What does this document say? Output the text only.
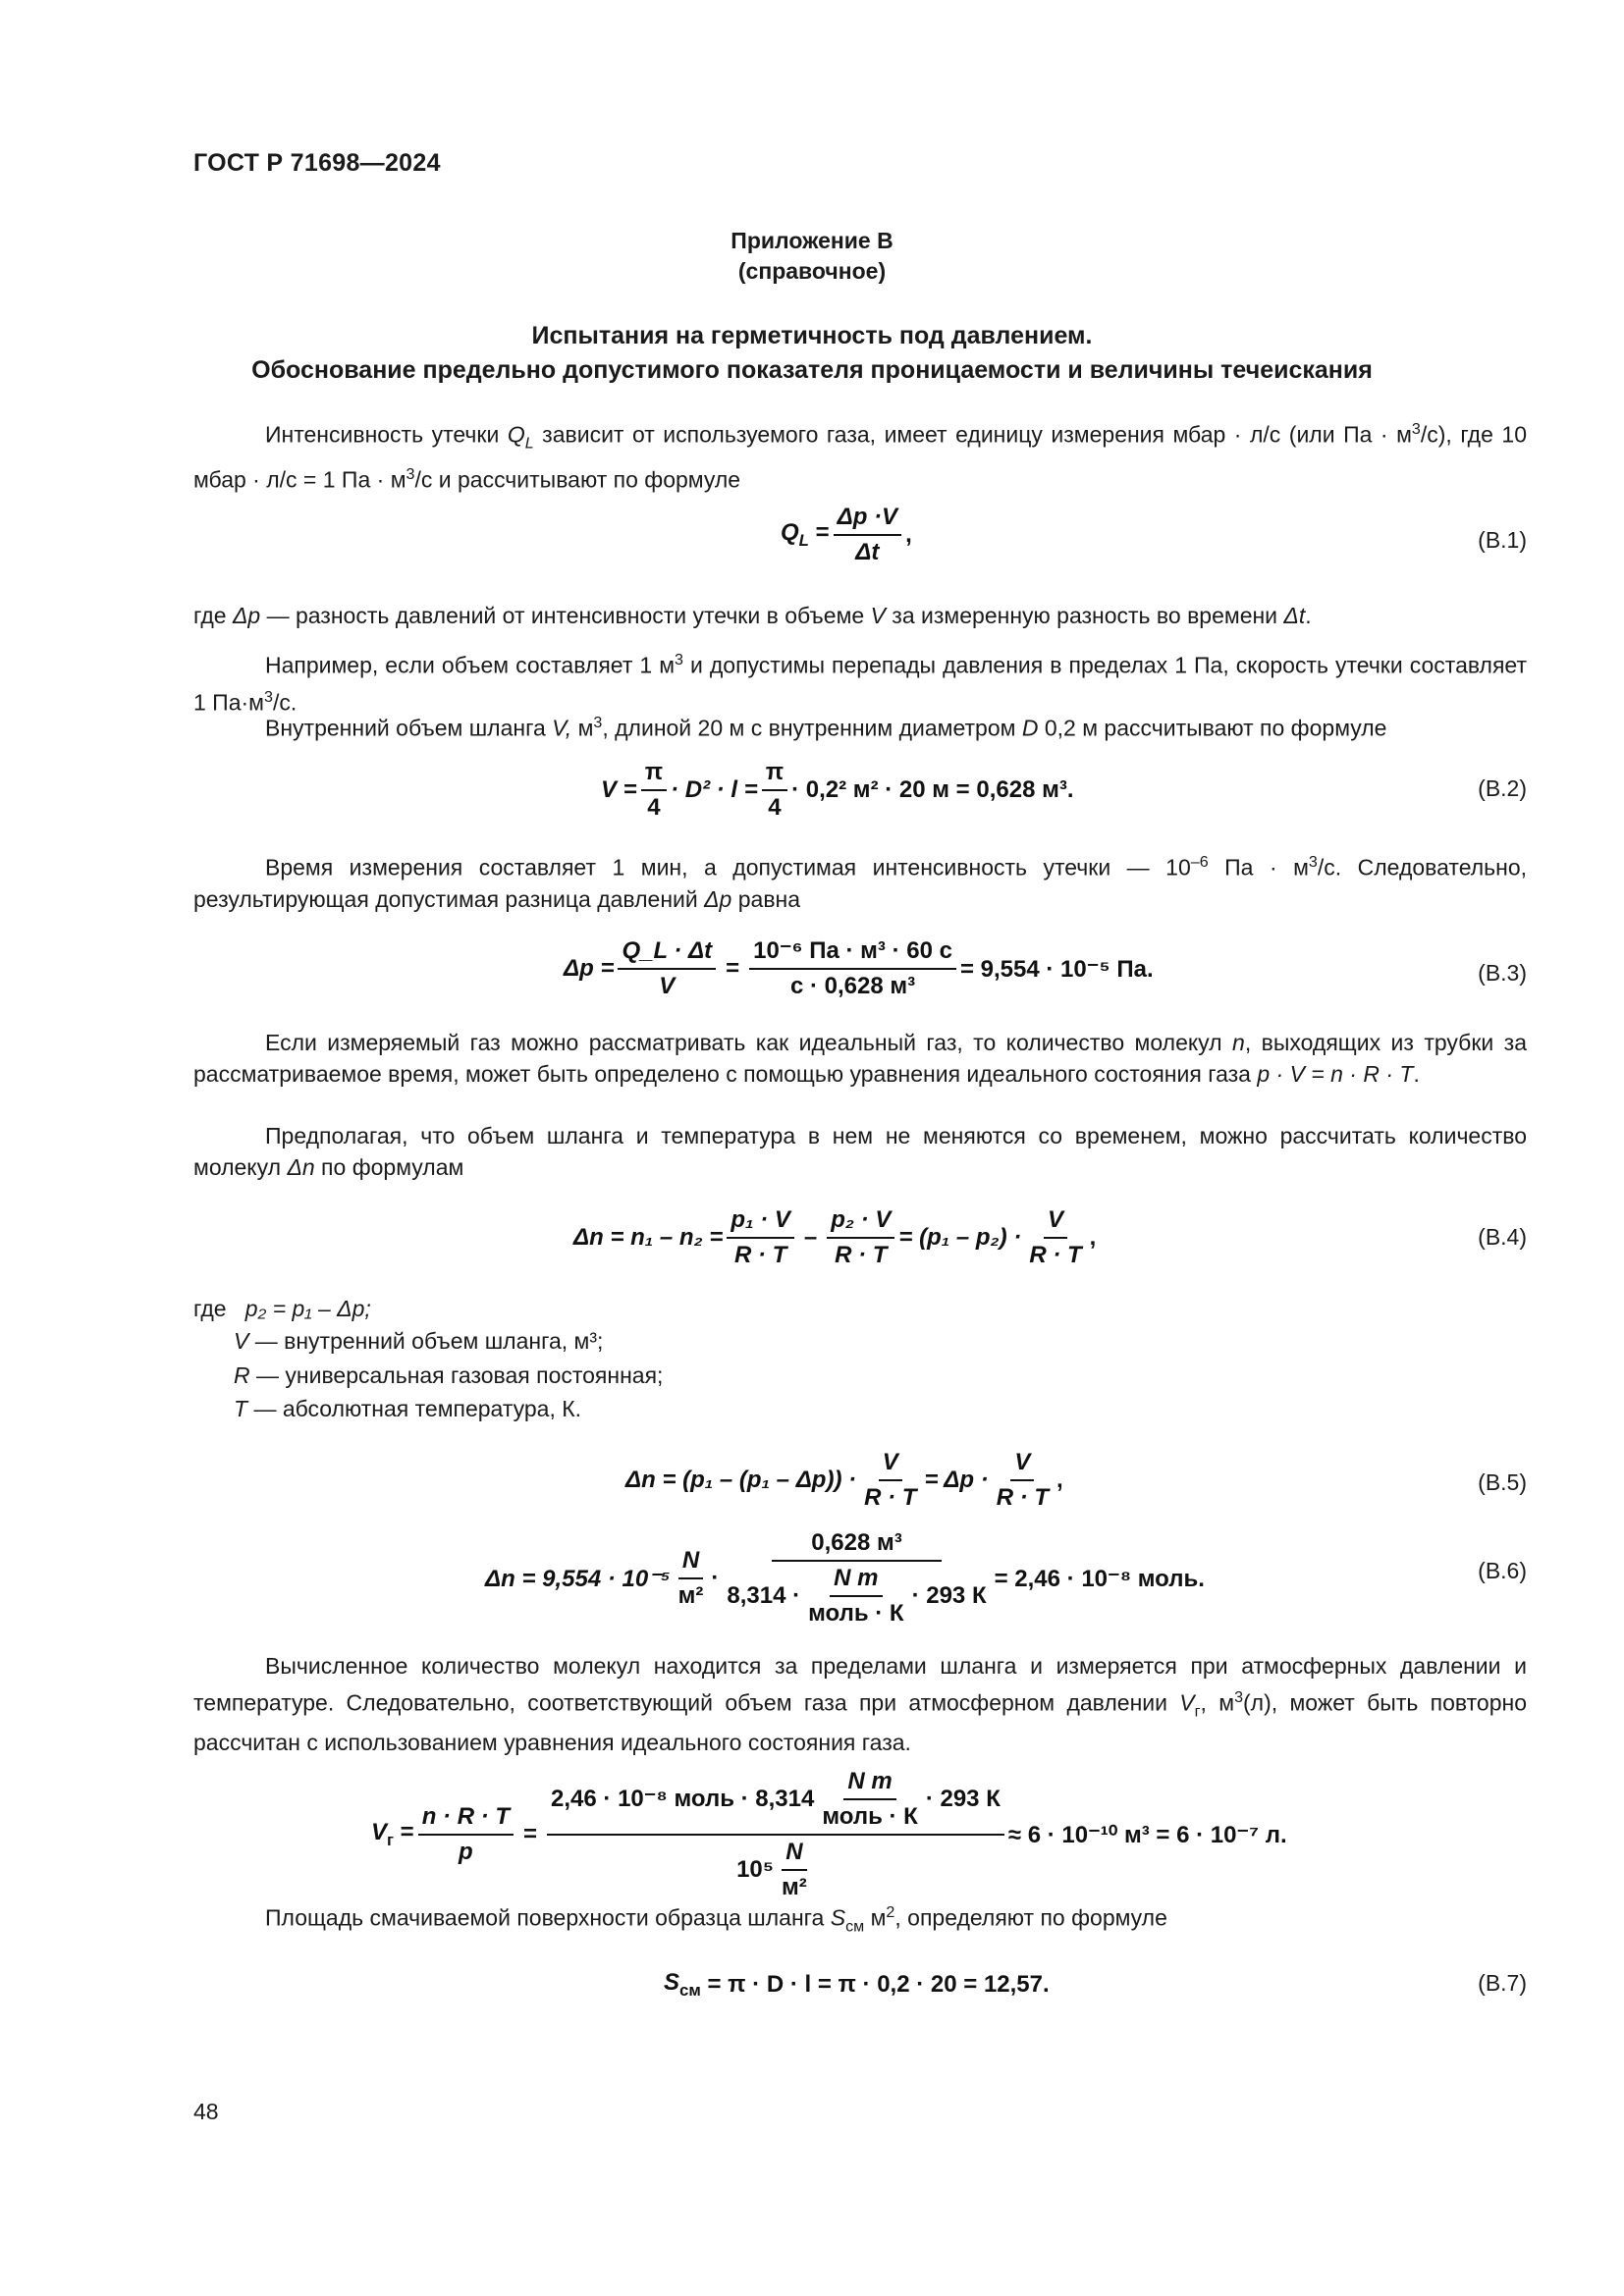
ГОСТ Р 71698—2024
Приложение В
(справочное)
Испытания на герметичность под давлением.
Обоснование предельно допустимого показателя проницаемости и величины течеискания
Интенсивность утечки $Q_L$ зависит от используемого газа, имеет единицу измерения мбар · л/с (или Па · $м^3/с$), где 10 мбар · л/с = 1 Па · $м^3/с$ и рассчитывают по формуле
$Q_L = \frac{\Delta p \cdot V}{\Delta t}$ ,	(В.1)
где Δp — разность давлений от интенсивности утечки в объеме V за измеренную разность во времени Δt.
Например, если объем составляет 1 $м^3$ и допустимы перепады давления в пределах 1 Па, скорость утечки составляет 1 $Па\cdot м^3/с$.
Внутренний объем шланга V, $м^3$, длиной 20 м с внутренним диаметром D 0,2 м рассчитывают по формуле
$V = \frac{\pi}{4} \cdot D^2 \cdot l = \frac{\pi}{4} \cdot 0,2^2$ м² · 20 м = 0,628 м³.	(В.2)
Время измерения составляет 1 мин, а допустимая интенсивность утечки — $10^{-6}$ Па · $м^3/с$. Следовательно, результирующая допустимая разница давлений Δp равна
$\Delta p = \frac{Q\_L \cdot \Delta t}{V} = \frac{\text{10⁻⁶ Па · м³ · 60 с}}{\text{с · 0,628 м³}} = 9,554 \cdot 10^{-5}$ Па.	(В.3)
Если измеряемый газ можно рассматривать как идеальный газ, то количество молекул n, выходящих из трубки за рассматриваемое время, может быть определено с помощью уравнения идеального состояния газа p · V = n · R · T.
Предполагая, что объем шланга и температура в нем не меняются со временем, можно рассчитать количество молекул Δn по формулам
$\Delta n = n_1 - n_2 = \frac{\text{p₁ · V}}{R \cdot T} - \frac{\text{p₂ · V}}{R \cdot T} = (p_1 - p_2) \cdot \frac{V}{R \cdot T}$ ,	(В.4)
где p₂ = p₁ – Δp;
V — внутренний объем шланга, м³;
R — универсальная газовая постоянная;
T — абсолютная температура, К.
$\Delta n = (p_1 - (p_1 - \Delta p)) \cdot \frac{V}{R \cdot T} = \Delta p \cdot \frac{V}{R \cdot T}$ ,	(В.5)
$\Delta n = 9,554 \cdot 10^{-5} \frac{N}{\text{м²}} \cdot \frac{\text{0,628 м³}}{8,314 \cdot \frac{\text{N m}}{\text{моль · К}} \cdot 293 К} = 2,46 \cdot 10^{-8}$ моль.	(В.6)
Вычисленное количество молекул находится за пределами шланга и измеряется при атмосферных давлении и температуре. Следовательно, соответствующий объем газа при атмосферном давлении $V_г$, $м^3(л)$, может быть повторно рассчитан с использованием уравнения идеального состояния газа.
$V_г = \frac{n \cdot R \cdot T}{p} = \frac{2,46 \cdot 10^{-8} моль \cdot 8,314 \frac{\text{N m}}{\text{моль · К}} \cdot 293 К}{10^5 \frac{N}{\text{м²}}} \approx 6 \cdot 10^{-10}$ м³ = 6 · 10⁻⁷ л.
Площадь смачиваемой поверхности образца шланга $S_{см}$ $м^2$, определяют по формуле
$S_{см} = \pi \cdot D \cdot l = \pi \cdot 0,2 \cdot 20 = 12,57$.	(В.7)
48
